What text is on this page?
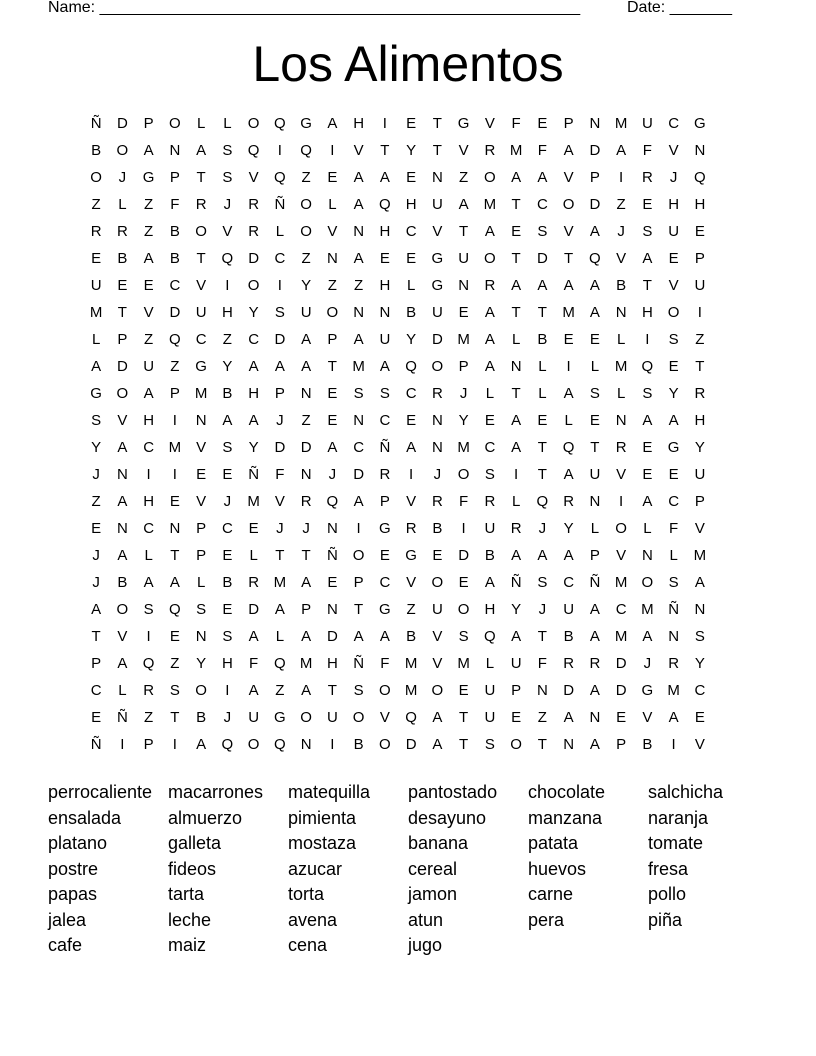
Name: ______________________________________________________	Date: _______
Los Alimentos
Ñ	D	P	O	L	L	O Q G	A	H	I	E	T	G	V	F	E	P	N M U	C G
B	O	A	N	A	S	Q	I	Q	I	V	T	Y	T	V	R M	F	A	D	A	F	V	N
O	J	G	P	T	S	V	Q	Z	E	A	A	E	N	Z	O	A	A	V	P	I	R	J	Q
Z	L	Z	F	R	J	R	Ñ O	L	A	Q	H	U	A	M	T	C O	D	Z	E	H	H
R	R	Z	B	O	V	R	L	O	V	N	H	C	V	T	A	E	S	V	A	J	S	U	E
E	B	A	B	T	Q	D	C	Z	N	A	E	E	G	U O	T	D	T	Q	V	A	E	P
U	E	E	C	V	I	O	I	Y	Z	Z	H	L	G	N	R	A	A	A	A	B	T	V	U
M	T	V	D	U	H	Y	S	U O	N	N	B	U	E	A	T	T	M A	N	H O	I
L	P	Z	Q	C	Z	C	D	A	P	A	U	Y	D M A	L	B	E	E	L	I	S	Z
A	D	U	Z	G	Y	A	A	A	T	M A	Q O	P	A	N	L	I	L	M Q	E	T
G O	A	P	M B	H	P	N	E	S	S	C	R	J	L	T	L	A	S	L	S	Y	R
S	V	H	I	N	A	A	J	Z	E	N	C	E	N	Y	E	A	E	L	E	N	A	A	H
Y	A	C M V	S	Y	D	D	A	C	Ñ	A	N M C	A	T	Q	T	R	E	G	Y
J	N	I	I	E	E	Ñ	F	N	J	D	R	I	J	O	S	I	T	A	U	V	E	E	U
Z	A	H	E	V	J	M V	R Q	A	P	V	R	F	R	L	Q	R	N	I	A	C	P
E	N	C	N	P	C	E	J	J	N	I	G	R	B	I	U	R	J	Y	L	O	L	F	V
J	A	L	T	P	E	L	T	T	Ñ O	E	G	E	D	B	A	A	A	P	V	N	L	M
J	B	A	A	L	B	R M A	E	P	C	V	O	E	A	Ñ	S	C	Ñ M O	S	A
A	O	S	Q	S	E	D	A	P	N	T	G	Z	U O	H	Y	J	U	A	C M Ñ	N
T	V	I	E	N	S	A	L	A	D	A	A	B	V	S	Q	A	T	B	A	M A	N	S
P	A	Q	Z	Y	H	F	Q M H	Ñ	F	M V	M	L	U	F	R	R	D	J	R	Y
C	L	R	S	O	I	A	Z	A	T	S	O M O	E	U	P	N	D	A	D G M C
E	Ñ	Z	T	B	J	U G O	U O	V	Q	A	T	U	E	Z	A	N	E	V	A	E
Ñ	I	P	I	A	Q O Q	N	I	B	O	D	A	T	S	O	T	N	A	P	B	I	V
perrocaliente
ensalada
platano
postre
papas
jalea
cafe
macarrones
almuerzo
galleta
fideos
tarta
leche
maiz
matequilla
pimienta
mostaza
azucar
torta
avena
cena
pantostado
desayuno
banana
cereal
jamon
atun
jugo
chocolate
manzana
patata
huevos
carne
pera
salchicha
naranja
tomate
fresa
pollo
piña
